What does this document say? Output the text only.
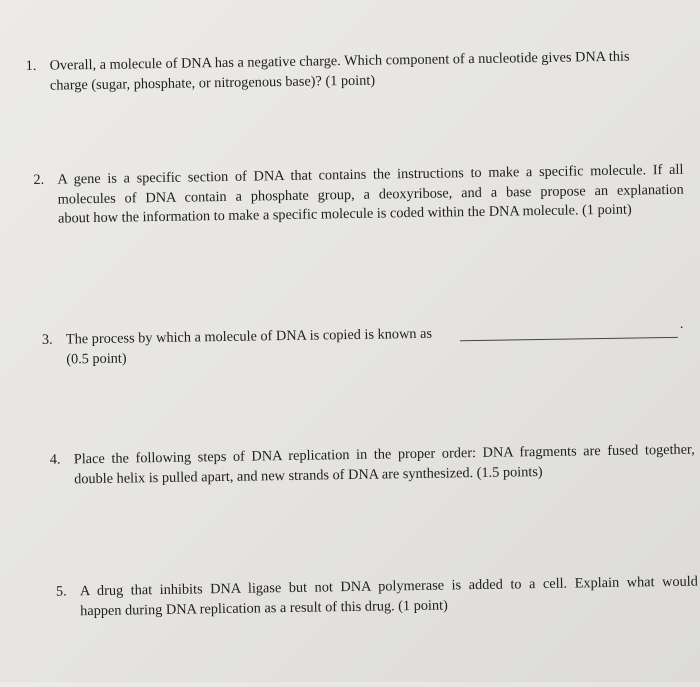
1. Overall, a molecule of DNA has a negative charge. Which component of a nucleotide gives DNA this
charge (sugar, phosphate, or nitrogenous base)? (1 point)
2. A gene is a specific section of DNA that contains the instructions to make a specific molecule. If all
molecules of DNA contain a phosphate group, a deoxyribose, and a base propose an explanation
about how the information to make a specific molecule is coded within the DNA molecule. (1 point)
3. The process by which a molecule of DNA is copied is known as
(0.5 point)
.
4. Place the following steps of DNA replication in the proper order: DNA fragments are fused together,
double helix is pulled apart, and new strands of DNA are synthesized. (1.5 points)
5. A drug that inhibits DNA ligase but not DNA polymerase is added to a cell. Explain what would
happen during DNA replication as a result of this drug. (1 point)
